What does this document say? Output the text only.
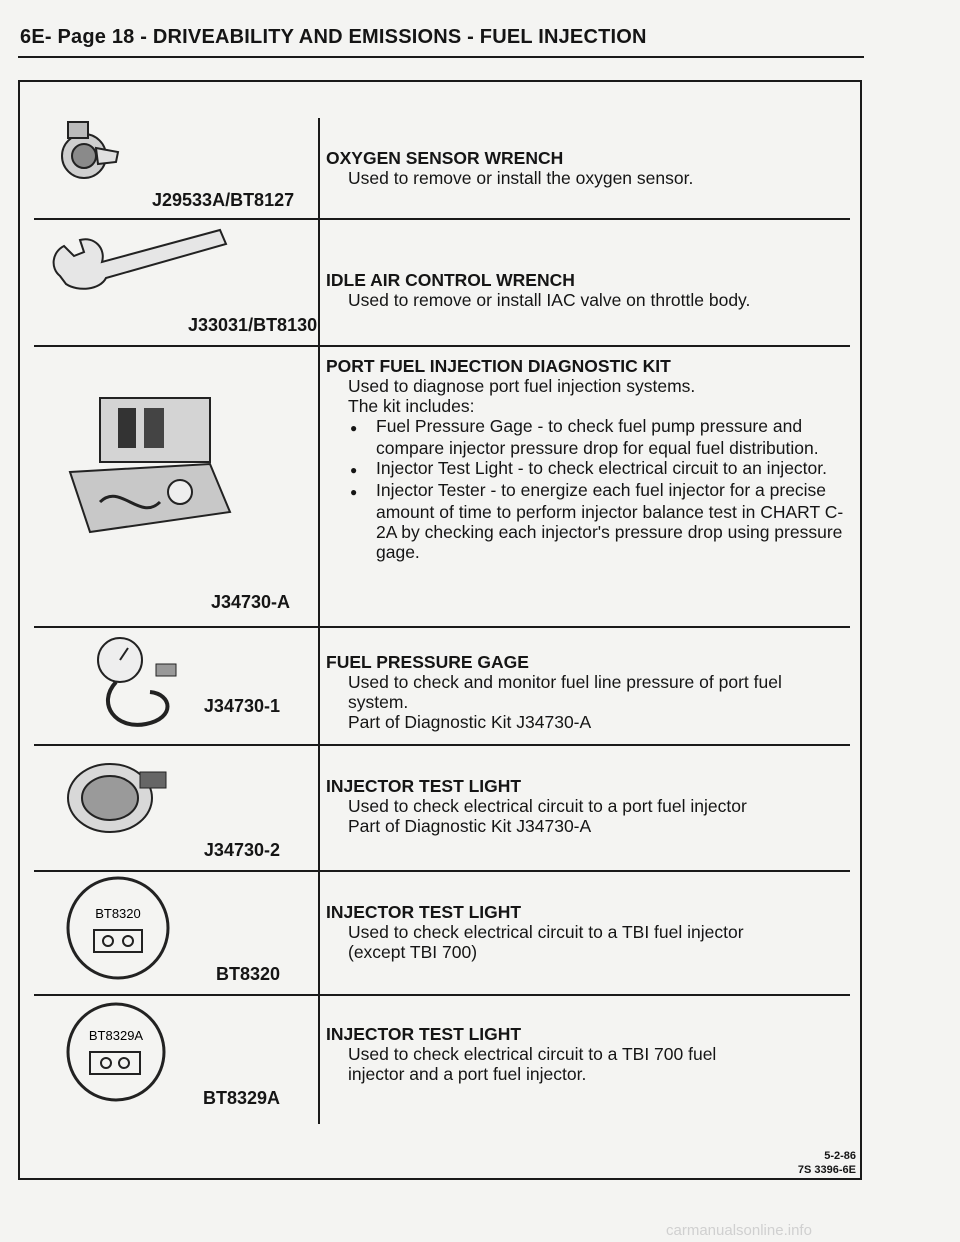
6E- Page 18 - DRIVEABILITY AND EMISSIONS - FUEL INJECTION
J29533A/BT8127
OXYGEN SENSOR WRENCH
Used to remove or install the oxygen sensor.
J33031/BT8130
IDLE AIR CONTROL WRENCH
Used to remove or install IAC valve on throttle body.
J34730-A
PORT FUEL INJECTION DIAGNOSTIC KIT
Used to diagnose port fuel injection systems.
The kit includes:
● Fuel Pressure Gage - to check fuel pump pressure and compare injector pressure drop for equal fuel distribution.
● Injector Test Light - to check electrical circuit to an injector.
● Injector Tester - to energize each fuel injector for a precise amount of time to perform injector balance test in CHART C-2A by checking each injector's pressure drop using pressure gage.
J34730-1
FUEL PRESSURE GAGE
Used to check and monitor fuel line pressure of port fuel system.
Part of Diagnostic Kit J34730-A
J34730-2
INJECTOR TEST LIGHT
Used to check electrical circuit to a port fuel injector
Part of Diagnostic Kit J34730-A
BT8320
BT8320
INJECTOR TEST LIGHT
Used to check electrical circuit to a TBI fuel injector
(except TBI 700)
BT8329A
BT8329A
INJECTOR TEST LIGHT
Used to check electrical circuit to a TBI 700 fuel
injector and a port fuel injector.
5-2-86
7S 3396-6E
carmanualsonline.info
